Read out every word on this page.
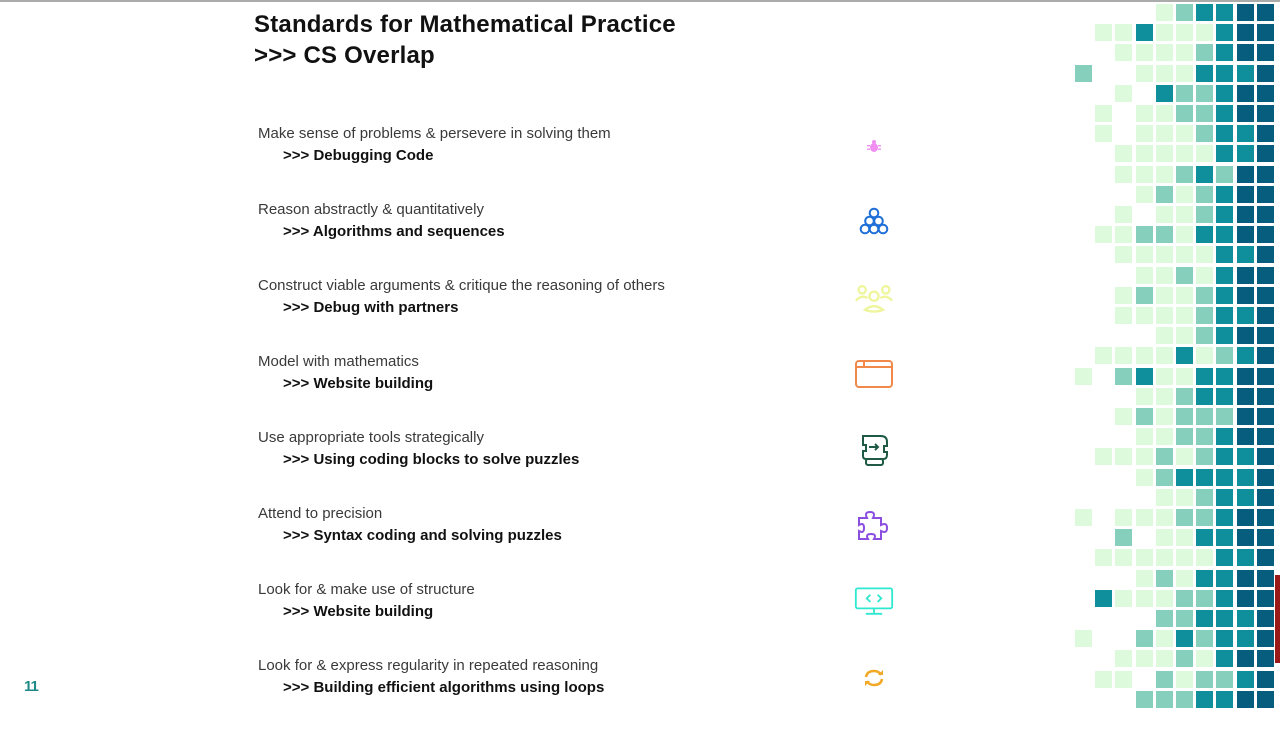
Standards for Mathematical Practice
>>> CS Overlap
Make sense of problems & persevere in solving them
>>> Debugging Code
Reason abstractly & quantitatively
>>> Algorithms and sequences
Construct viable arguments & critique the reasoning of others
>>> Debug with partners
Model with mathematics
>>> Website building
Use appropriate tools strategically
>>> Using coding blocks to solve puzzles
Attend to precision
>>> Syntax coding and solving puzzles
Look for & make use of structure
>>> Website building
Look for & express regularity in repeated reasoning
>>> Building efficient algorithms using loops
11
